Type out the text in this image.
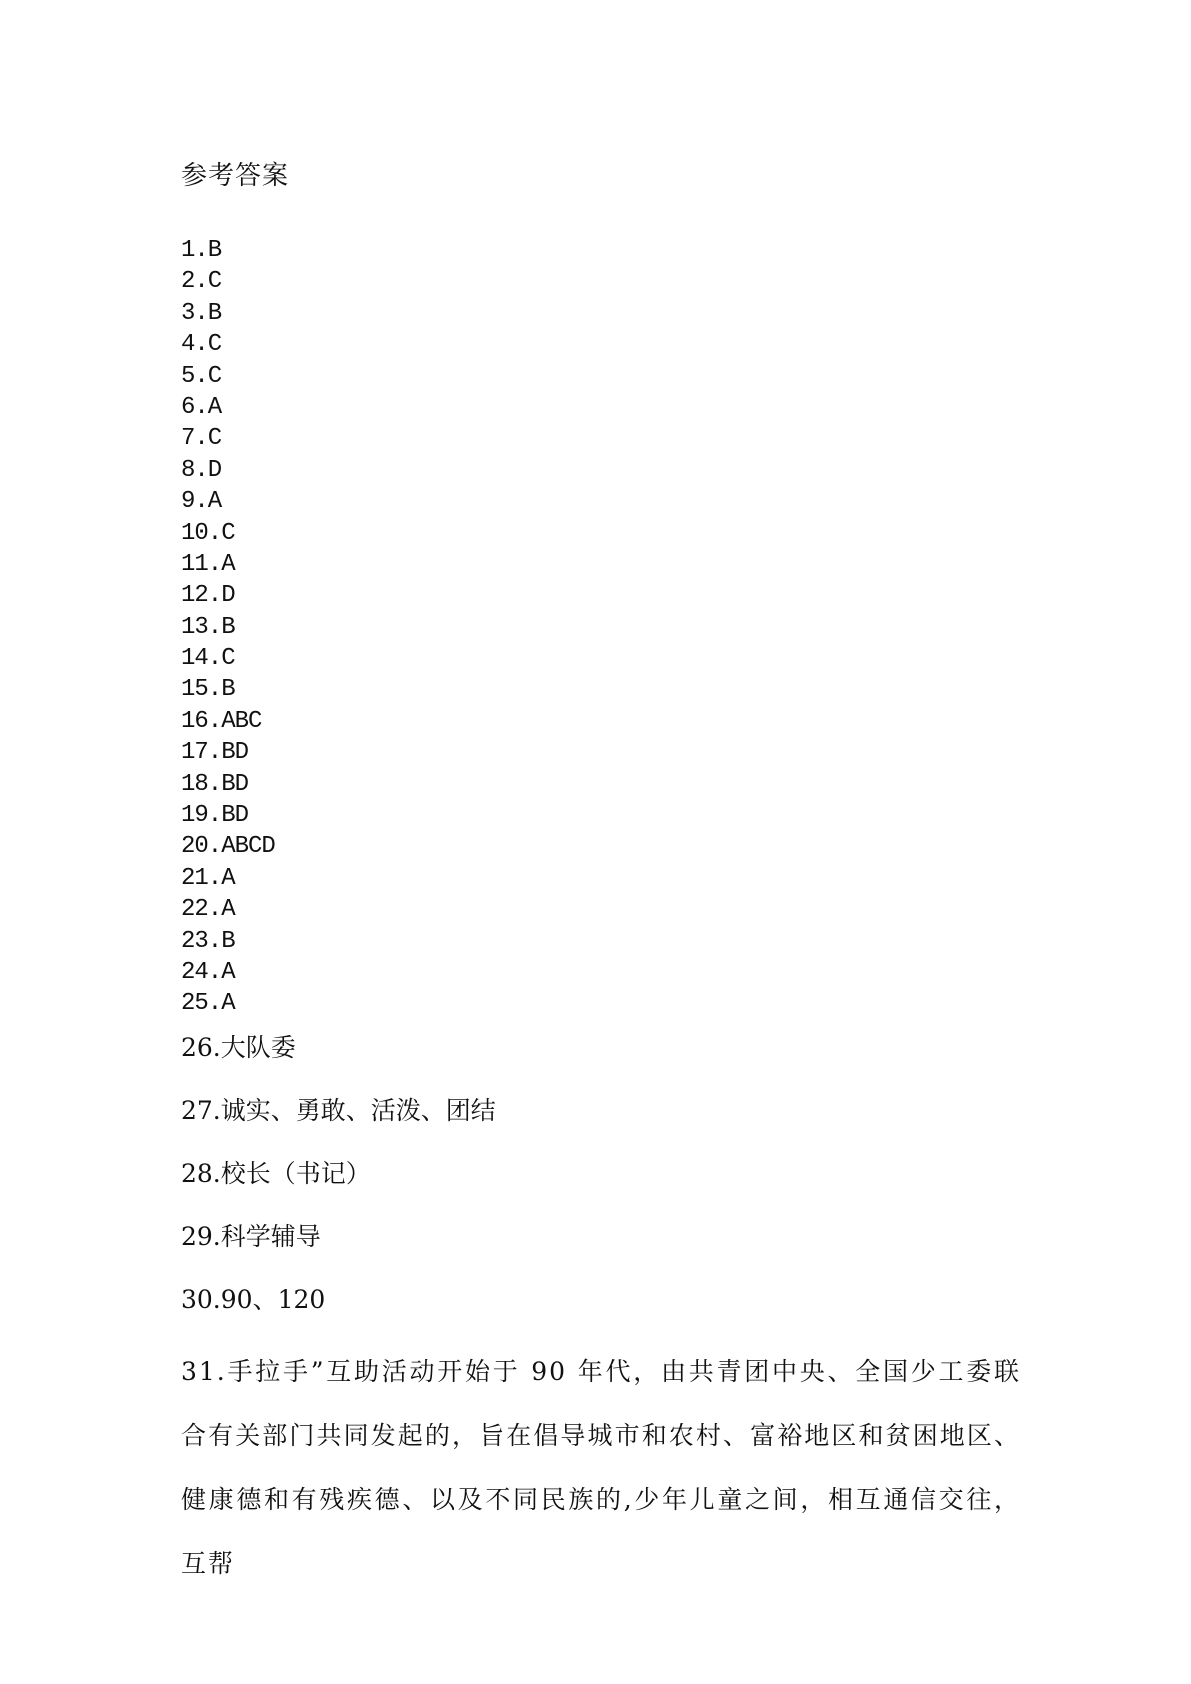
参考答案
1.B
2.C
3.B
4.C
5.C
6.A
7.C
8.D
9.A
10.C
11.A
12.D
13.B
14.C
15.B
16.ABC
17.BD
18.BD
19.BD
20.ABCD
21.A
22.A
23.B
24.A
25.A
26.大队委
27.诚实、勇敢、活泼、团结
28.校长（书记）
29.科学辅导
30.90、120
31.手拉手”互助活动开始于 90 年代，由共青团中央、全国少工委联合有关部门共同发起的，旨在倡导城市和农村、富裕地区和贫困地区、健康德和有残疾德、以及不同民族的,少年儿童之间，相互通信交往，互帮
